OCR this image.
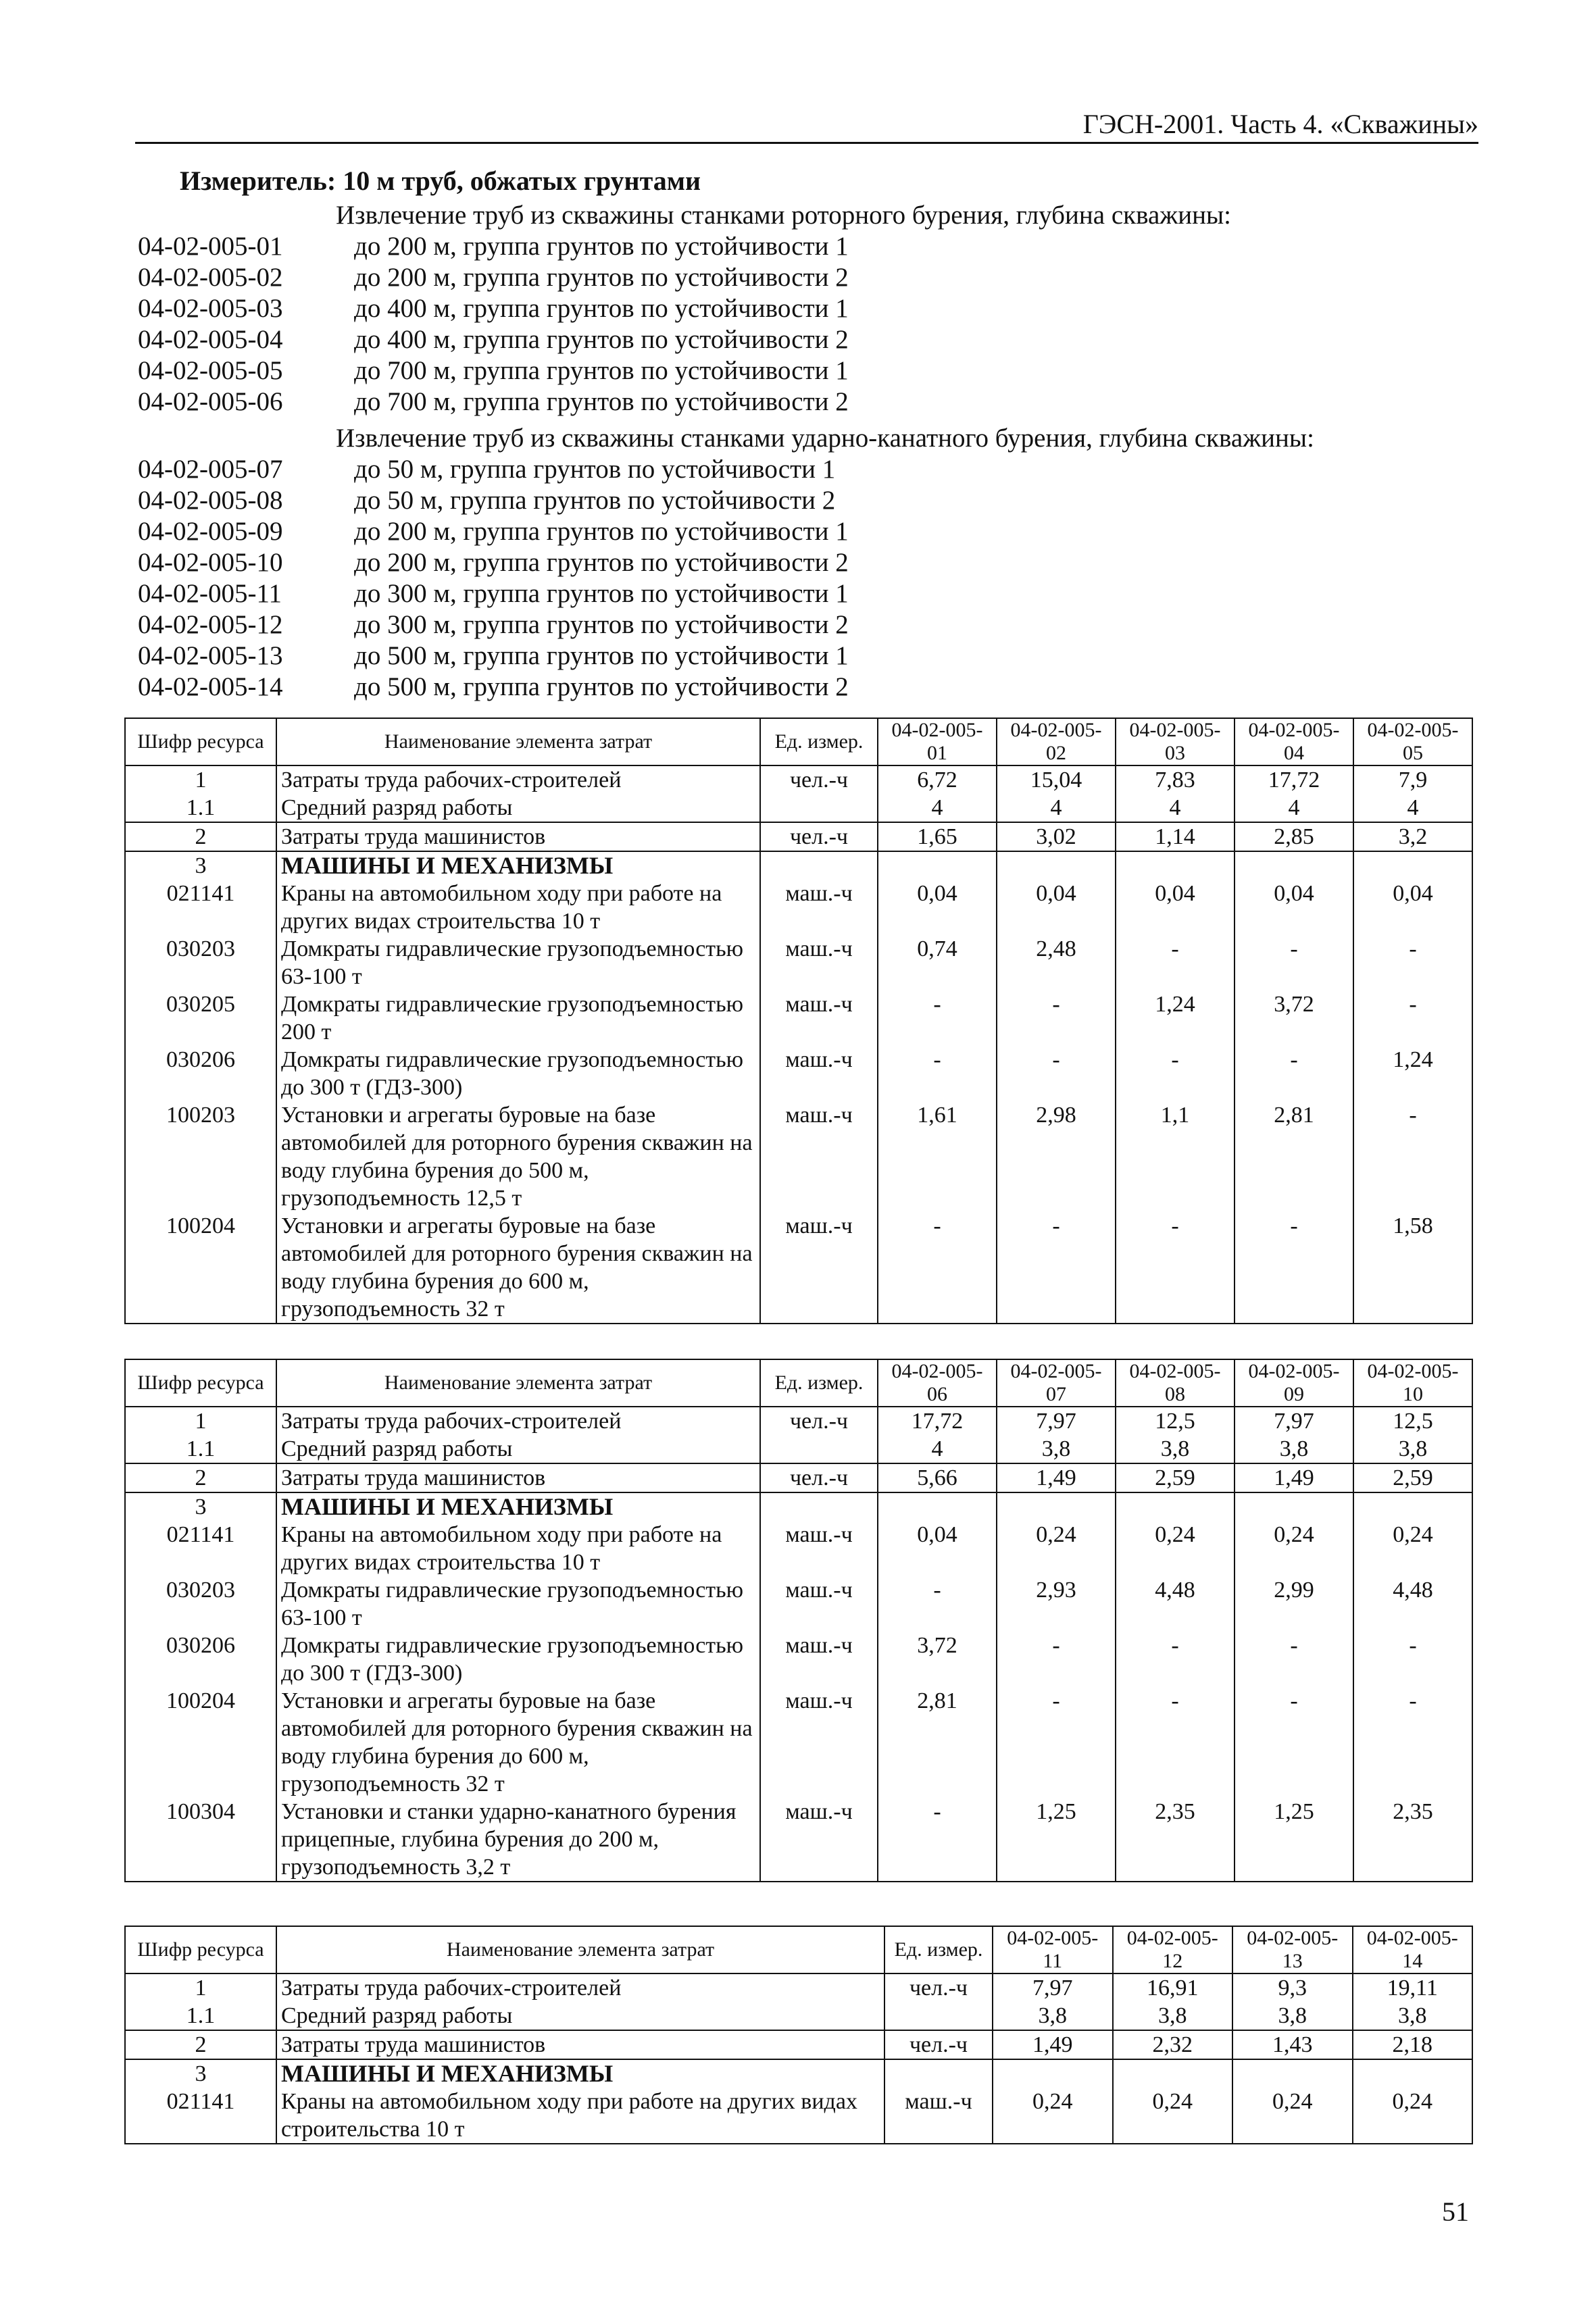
ГЭСН-2001. Часть 4. «Скважины»
Измеритель: 10 м труб, обжатых грунтами
Извлечение труб из скважины станками роторного бурения, глубина скважины:
04-02-005-01	до 200 м, группа грунтов по устойчивости 1
04-02-005-02	до 200 м, группа грунтов по устойчивости 2
04-02-005-03	до 400 м, группа грунтов по устойчивости 1
04-02-005-04	до 400 м, группа грунтов по устойчивости 2
04-02-005-05	до 700 м, группа грунтов по устойчивости 1
04-02-005-06	до 700 м, группа грунтов по устойчивости 2
Извлечение труб из скважины станками ударно-канатного бурения, глубина скважины:
04-02-005-07	до 50 м, группа грунтов по устойчивости 1
04-02-005-08	до 50 м, группа грунтов по устойчивости 2
04-02-005-09	до 200 м, группа грунтов по устойчивости 1
04-02-005-10	до 200 м, группа грунтов по устойчивости 2
04-02-005-11	до 300 м, группа грунтов по устойчивости 1
04-02-005-12	до 300 м, группа грунтов по устойчивости 2
04-02-005-13	до 500 м, группа грунтов по устойчивости 1
04-02-005-14	до 500 м, группа грунтов по устойчивости 2
Шифр ресурса	Наименование элемента затрат	Ед. измер.	04-02-005-01	04-02-005-02	04-02-005-03	04-02-005-04	04-02-005-05
1	Затраты труда рабочих-строителей	чел.-ч	6,72	15,04	7,83	17,72	7,9
1.1	Средний разряд работы		4	4	4	4	4
2	Затраты труда машинистов	чел.-ч	1,65	3,02	1,14	2,85	3,2
3	МАШИНЫ И МЕХАНИЗМЫ						
021141	Краны на автомобильном ходу при работе на других видах строительства 10 т	маш.-ч	0,04	0,04	0,04	0,04	0,04
030203	Домкраты гидравлические грузоподъемностью 63-100 т	маш.-ч	0,74	2,48	-	-	-
030205	Домкраты гидравлические грузоподъемностью 200 т	маш.-ч	-	-	1,24	3,72	-
030206	Домкраты гидравлические грузоподъемностью до 300 т (ГДЗ-300)	маш.-ч	-	-	-	-	1,24
100203	Установки и агрегаты буровые на базе автомобилей для роторного бурения скважин на воду глубина бурения до 500 м, грузоподъемность 12,5 т	маш.-ч	1,61	2,98	1,1	2,81	-
100204	Установки и агрегаты буровые на базе автомобилей для роторного бурения скважин на воду глубина бурения до 600 м, грузоподъемность 32 т	маш.-ч	-	-	-	-	1,58
Шифр ресурса	Наименование элемента затрат	Ед. измер.	04-02-005-06	04-02-005-07	04-02-005-08	04-02-005-09	04-02-005-10
1	Затраты труда рабочих-строителей	чел.-ч	17,72	7,97	12,5	7,97	12,5
1.1	Средний разряд работы		4	3,8	3,8	3,8	3,8
2	Затраты труда машинистов	чел.-ч	5,66	1,49	2,59	1,49	2,59
3	МАШИНЫ И МЕХАНИЗМЫ						
021141	Краны на автомобильном ходу при работе на других видах строительства 10 т	маш.-ч	0,04	0,24	0,24	0,24	0,24
030203	Домкраты гидравлические грузоподъемностью 63-100 т	маш.-ч	-	2,93	4,48	2,99	4,48
030206	Домкраты гидравлические грузоподъемностью до 300 т (ГДЗ-300)	маш.-ч	3,72	-	-	-	-
100204	Установки и агрегаты буровые на базе автомобилей для роторного бурения скважин на воду глубина бурения до 600 м, грузоподъемность 32 т	маш.-ч	2,81	-	-	-	-
100304	Установки и станки ударно-канатного бурения прицепные, глубина бурения до 200 м, грузоподъемность 3,2 т	маш.-ч	-	1,25	2,35	1,25	2,35
Шифр ресурса	Наименование элемента затрат	Ед. измер.	04-02-005-11	04-02-005-12	04-02-005-13	04-02-005-14
1	Затраты труда рабочих-строителей	чел.-ч	7,97	16,91	9,3	19,11
1.1	Средний разряд работы		3,8	3,8	3,8	3,8
2	Затраты труда машинистов	чел.-ч	1,49	2,32	1,43	2,18
3	МАШИНЫ И МЕХАНИЗМЫ					
021141	Краны на автомобильном ходу при работе на других видах строительства 10 т	маш.-ч	0,24	0,24	0,24	0,24
51
